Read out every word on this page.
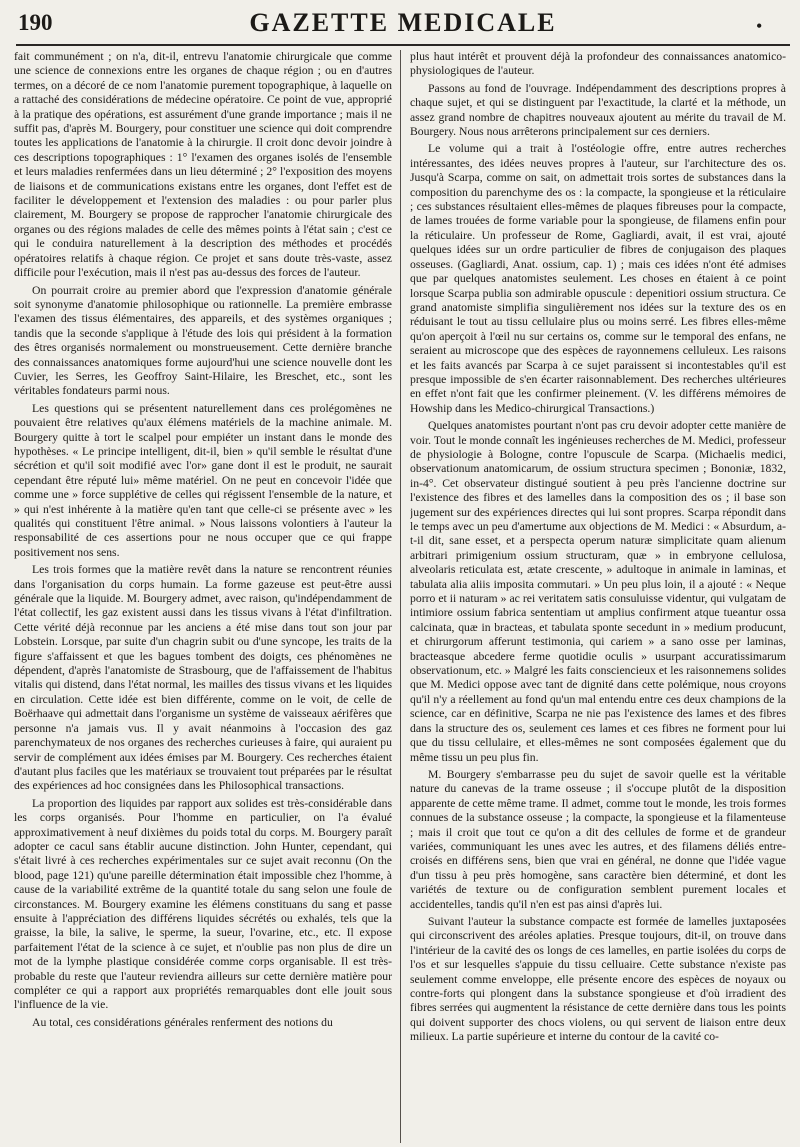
190	GAZETTE MEDICALE	•

fait communément ; on n'a, dit-il, entrevu l'anatomie chirurgicale que comme une science de connexions entre les organes de chaque région ; ou en d'autres termes, on a décoré de ce nom l'anatomie purement topographique, à laquelle on a rattaché des considérations de médecine opératoire. Ce point de vue, approprié à la pratique des opérations, est assurément d'une grande importance ; mais il ne suffit pas, d'après M. Bourgery, pour constituer une science qui doit comprendre toutes les applications de l'anatomie à la chirurgie. Il croit donc devoir joindre à ces descriptions topographiques : 1° l'examen des organes isolés de l'ensemble et leurs maladies renfermées dans un lieu déterminé ; 2° l'exposition des moyens de liaisons et de communications existans entre les organes, dont l'effet est de faciliter le développement et l'extension des maladies : ou pour parler plus clairement, M. Bourgery se propose de rapprocher l'anatomie chirurgicale des organes ou des régions malades de celle des mêmes points à l'état sain ; c'est ce qui le conduira naturellement à la description des méthodes et procédés opératoires relatifs à chaque région. Ce projet et sans doute très-vaste, assez difficile pour l'exécution, mais il n'est pas au-dessus des forces de l'auteur.

On pourrait croire au premier abord que l'expression d'anatomie générale soit synonyme d'anatomie philosophique ou rationnelle. La première embrasse l'examen des tissus élémentaires, des appareils, et des systèmes organiques ; tandis que la seconde s'applique à l'étude des lois qui président à la formation des êtres organisés normalement ou monstrueusement. Cette dernière branche des connaissances anatomiques forme aujourd'hui une science nouvelle dont les Cuvier, les Serres, les Geoffroy Saint-Hilaire, les Breschet, etc., sont les véritables fondateurs parmi nous.

Les questions qui se présentent naturellement dans ces prolégomènes ne pouvaient être relatives qu'aux élémens matériels de la machine animale. M. Bourgery quitte à tort le scalpel pour empiéter un instant dans le monde des hypothèses. « Le principe intelligent, dit-il, bien » qu'il semble le résultat d'une sécrétion et qu'il soit modifié avec l'or» gane dont il est le produit, ne saurait cependant être réputé lui» même matériel. On ne peut en concevoir l'idée que comme une » force supplétive de celles qui régissent l'ensemble de la nature, et » qui n'est inhérente à la matière qu'en tant que celle-ci se présente avec » les qualités qui constituent l'être animal. » Nous laissons volontiers à l'auteur la responsabilité de ces assertions pour ne nous occuper que ce qui frappe positivement nos sens.

Les trois formes que la matière revêt dans la nature se rencontrent réunies dans l'organisation du corps humain. La forme gazeuse est peut-être aussi générale que la liquide. M. Bourgery admet, avec raison, qu'indépendamment de l'état collectif, les gaz existent aussi dans les tissus vivans à l'état d'infiltration. Cette vérité déjà reconnue par les anciens a été mise dans tout son jour par Lobstein. Lorsque, par suite d'un chagrin subit ou d'une syncope, les traits de la figure s'affaissent et que les bagues tombent des doigts, ces phénomènes ne dépendent, d'après l'anatomiste de Strasbourg, que de l'affaissement de l'habitus vitalis qui distend, dans l'état normal, les mailles des tissus vivans et les liquides en circulation. Cette idée est bien différente, comme on le voit, de celle de Boërhaave qui admettait dans l'organisme un système de vaisseaux aérifères que personne n'a jamais vus. Il y avait néanmoins à l'occasion des gaz parenchymateux de nos organes des recherches curieuses à faire, qui auraient pu servir de complément aux idées émises par M. Bourgery. Ces recherches étaient d'autant plus faciles que les matériaux se trouvaient tout préparées par le résultat des expériences ad hoc consignées dans les Philosophical transactions.

La proportion des liquides par rapport aux solides est très-considérable dans les corps organisés. Pour l'homme en particulier, on l'a évalué approximativement à neuf dixièmes du poids total du corps. M. Bourgery paraît adopter ce cacul sans établir aucune distinction. John Hunter, cependant, qui s'était livré à ces recherches expérimentales sur ce sujet avait reconnu (On the blood, page 121) qu'une pareille détermination était impossible chez l'homme, à cause de la variabilité extrême de la quantité totale du sang selon une foule de circonstances. M. Bourgery examine les élémens constituans du sang et passe ensuite à l'appréciation des différens liquides sécrétés ou exhalés, tels que la graisse, la bile, la salive, le sperme, la sueur, l'ovarine, etc., etc. Il expose parfaitement l'état de la science à ce sujet, et n'oublie pas non plus de dire un mot de la lymphe plastique considérée comme corps organisable. Il est très-probable du reste que l'auteur reviendra ailleurs sur cette dernière matière pour compléter ce qui a rapport aux propriétés remarquables dont elle jouit sous l'influence de la vie.

Au total, ces considérations générales renferment des notions du

plus haut intérêt et prouvent déjà la profondeur des connaissances anatomico-physiologiques de l'auteur.

Passons au fond de l'ouvrage. Indépendamment des descriptions propres à chaque sujet, et qui se distinguent par l'exactitude, la clarté et la méthode, un assez grand nombre de chapitres nouveaux ajoutent au mérite du travail de M. Bourgery. Nous nous arrêterons principalement sur ces derniers.

Le volume qui a trait à l'ostéologie offre, entre autres recherches intéressantes, des idées neuves propres à l'auteur, sur l'architecture des os. Jusqu'à Scarpa, comme on sait, on admettait trois sortes de substances dans la composition du parenchyme des os : la compacte, la spongieuse et la réticulaire ; ces substances résultaient elles-mêmes de plaques fibreuses pour la compacte, de lames trouées de forme variable pour la spongieuse, de filamens enfin pour la réticulaire. Un professeur de Rome, Gagliardi, avait, il est vrai, ajouté quelques idées sur un ordre particulier de fibres de conjugaison des plaques osseuses. (Gagliardi, Anat. ossium, cap. 1) ; mais ces idées n'ont été admises que par quelques anatomistes seulement. Les choses en étaient à ce point lorsque Scarpa publia son admirable opuscule : depenitiori ossium structura. Ce grand anatomiste simplifia singulièrement nos idées sur la texture des os en réduisant le tout au tissu cellulaire plus ou moins serré. Les fibres elles-même qu'on aperçoit à l'œil nu sur certains os, comme sur le temporal des enfans, ne seraient au microscope que des espèces de rayonnemens celluleux. Les raisons et les faits avancés par Scarpa à ce sujet paraissent si incontestables qu'il est presque impossible de s'en écarter raisonnablement. Des recherches ultérieures en effet n'ont fait que les confirmer pleinement. (V. les différens mémoires de Howship dans les Medico-chirurgical Transactions.)

Quelques anatomistes pourtant n'ont pas cru devoir adopter cette manière de voir. Tout le monde connaît les ingénieuses recherches de M. Medici, professeur de physiologie à Bologne, contre l'opuscule de Scarpa. (Michaelis medici, observationum anatomicarum, de ossium structura specimen ; Bononiæ, 1832, in-4°. Cet observateur distingué soutient à peu près l'ancienne doctrine sur l'existence des fibres et des lamelles dans la composition des os ; il base son jugement sur des expériences directes qui lui sont propres. Scarpa répondit dans le temps avec un peu d'amertume aux objections de M. Medici : « Absurdum, a-t-il dit, sane esset, et a perspecta operum naturæ simplicitate quam alienum arbitrari primigenium ossium structuram, quæ » in embryone cellulosa, alveolaris reticulata est, ætate crescente, » adultoque in animale in laminas, et tabulata alia aliis imposita commutari. » Un peu plus loin, il a ajouté : « Neque porro et ii naturam » ac rei veritatem satis consuluisse videntur, qui vulgatam de intimiore ossium fabrica sententiam ut amplius confirment atque tueantur ossa calcinata, quæ in bracteas, et tabulata sponte secedunt in » medium producunt, et chirurgorum afferunt testimonia, qui cariem » a sano osse per laminas, bracteasque abcedere ferme quotidie oculis » usurpant accuratissimarum observationum, etc. » Malgré les faits consciencieux et les raisonnemens solides que M. Medici oppose avec tant de dignité dans cette polémique, nous croyons qu'il n'y a réellement au fond qu'un mal entendu entre ces deux champions de la science, car en définitive, Scarpa ne nie pas l'existence des lames et des fibres dans la structure des os, seulement ces lames et ces fibres ne forment pour lui que du tissu cellulaire, et elles-mêmes ne sont composées également que du même tissu un peu plus fin.

M. Bourgery s'embarrasse peu du sujet de savoir quelle est la véritable nature du canevas de la trame osseuse ; il s'occupe plutôt de la disposition apparente de cette même trame. Il admet, comme tout le monde, les trois formes connues de la substance osseuse ; la compacte, la spongieuse et la filamenteuse ; mais il croit que tout ce qu'on a dit des cellules de forme et de grandeur variées, communiquant les unes avec les autres, et des filamens déliés entre-croisés en différens sens, bien que vrai en général, ne donne que l'idée vague d'un tissu à peu près homogène, sans caractère bien déterminé, et dont les variétés de texture ou de configuration semblent purement locales et accidentelles, tandis qu'il n'en est pas ainsi d'après lui.

Suivant l'auteur la substance compacte est formée de lamelles juxtaposées qui circonscrivent des aréoles aplaties. Presque toujours, dit-il, on trouve dans l'intérieur de la cavité des os longs de ces lamelles, en partie isolées du corps de l'os et sur lesquelles s'appuie du tissu celluaire. Cette substance n'existe pas seulement comme enveloppe, elle présente encore des espèces de noyaux ou contre-forts qui plongent dans la substance spongieuse et d'où irradient des fibres serrées qui augmentent la résistance de cette dernière dans tous les points qui doivent supporter des chocs violens, ou qui servent de liaison entre deux milieux. La partie supérieure et interne du contour de la cavité co-
